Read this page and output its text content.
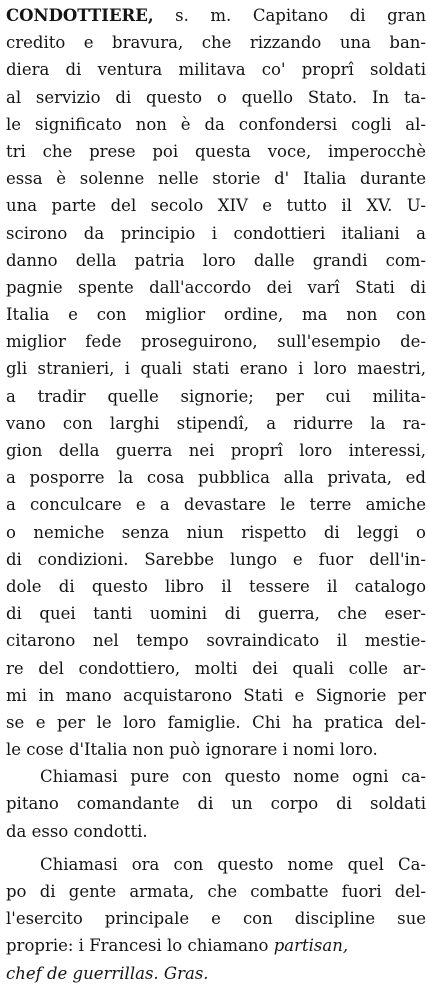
CONDOTTIERE, s. m. Capitano di gran
credito e bravura, che rizzando una ban-
diera di ventura militava co' proprî soldati
al servizio di questo o quello Stato. In ta-
le significato non è da confondersi cogli al-
tri che prese poi questa voce, imperocchè
essa è solenne nelle storie d' Italia durante
una parte del secolo XIV e tutto il XV. U-
scirono da principio i condottieri italiani a
danno della patria loro dalle grandi com-
pagnie spente dall'accordo dei varî Stati di
Italia e con miglior ordine, ma non con
miglior fede proseguirono, sull'esempio de-
gli stranieri, i quali stati erano i loro maestri,
a tradir quelle signorie; per cui milita-
vano con larghi stipendî, a ridurre la ra-
gion della guerra nei proprî loro interessi,
a posporre la cosa pubblica alla privata, ed
a conculcare e a devastare le terre amiche
o nemiche senza niun rispetto di leggi o
di condizioni. Sarebbe lungo e fuor dell'in-
dole di questo libro il tessere il catalogo
di quei tanti uomini di guerra, che eser-
citarono nel tempo sovraindicato il mestie-
re del condottiero, molti dei quali colle ar-
mi in mano acquistarono Stati e Signorie per
se e per le loro famiglie. Chi ha pratica del-
le cose d'Italia non può ignorare i nomi loro.
Chiamasi pure con questo nome ogni ca-
pitano comandante di un corpo di soldati
da esso condotti.
Chiamasi ora con questo nome quel Ca-
po di gente armata, che combatte fuori del-
l'esercito principale e con discipline sue
proprie: i Francesi lo chiamano partisan,
chef de guerrillas. Gras.
